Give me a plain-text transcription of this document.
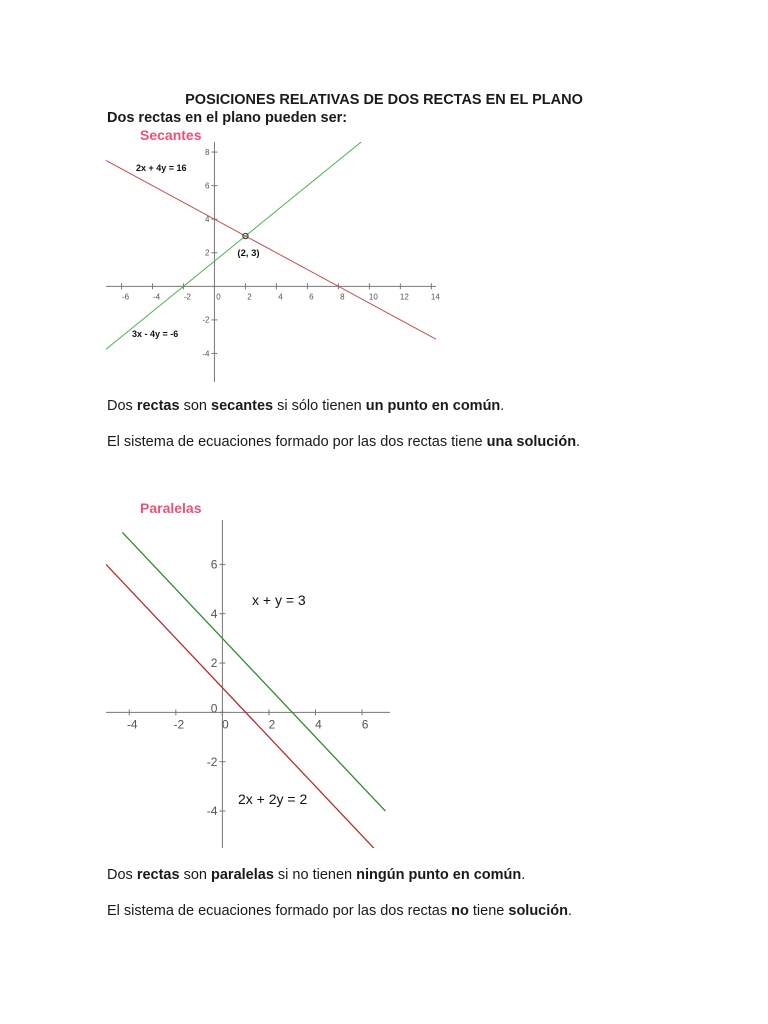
POSICIONES RELATIVAS DE DOS RECTAS EN EL PLANO
Dos rectas en el plano pueden ser:
Secantes
-6	-4	-2	0	2	4	6	8	10	12	14
-4
-2
2
4
6
8
2x + 4y = 16
3x - 4y = -6
(2, 3)
Dos rectas son secantes si sólo tienen un punto en común.
El sistema de ecuaciones formado por las dos rectas tiene una solución.
Paralelas
-4	-2	0	2	4	6
-4
-2
0
2
4
6
x + y = 3
2x + 2y = 2
Dos rectas son paralelas si no tienen ningún punto en común.
El sistema de ecuaciones formado por las dos rectas no tiene solución.
